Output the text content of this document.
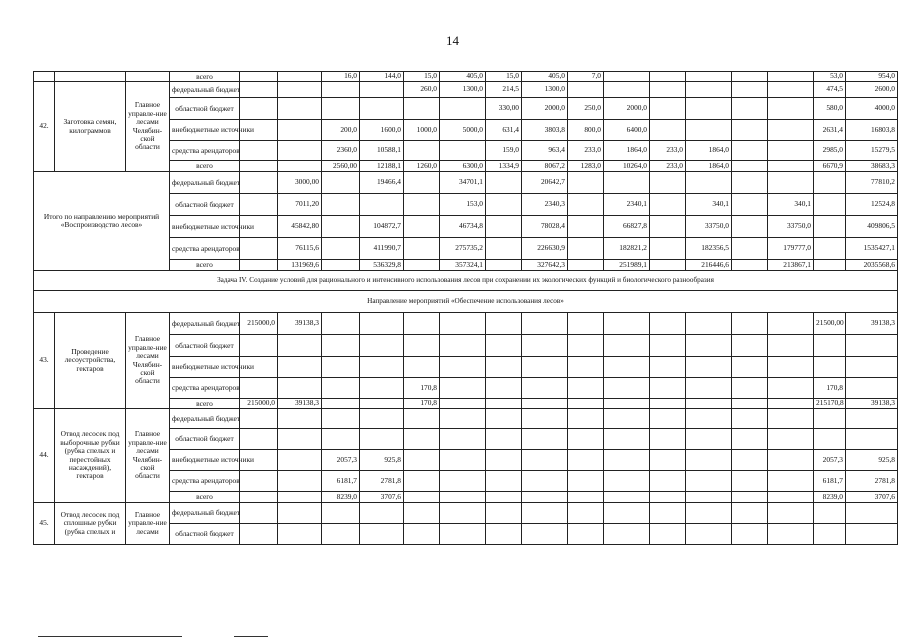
14
			всего			16,0	144,0	15,0	405,0	15,0	405,0	7,0						53,0	954,0
42.	Заготовка семян, килограммов	Главное управле-ние лесами Челябин-ской области	федеральный бюджет					260,0	1300,0	214,5	1300,0							474,5	2600,0
			областной бюджет							330,00	2000,0	250,0	2000,0					580,0	4000,0
			внебюджетные источники			200,0	1600,0	1000,0	5000,0	631,4	3803,8	800,0	6400,0					2631,4	16803,8
			средства арендаторов			2360,0	10588,1			159,0	963,4	233,0	1864,0	233,0	1864,0			2985,0	15279,5
			всего			2560,00	12188,1	1260,0	6300,0	1334,9	8067,2	1283,0	10264,0	233,0	1864,0			6670,9	38683,3
Итого по направлению мероприятий «Воспроизводство лесов»			федеральный бюджет		3000,00		19466,4		34701,1		20642,7								77810,2
			областной бюджет		7011,20				153,0		2340,3		2340,1		340,1		340,1		12524,8
			внебюджетные источники		45842,80		104872,7		46734,8		78028,4		66827,8		33750,0		33750,0		409806,5
			средства арендаторов		76115,6		411990,7		275735,2		226630,9		182821,2		182356,5		179777,0		1535427,1
			всего		131969,6		536329,8		357324,1		327642,3		251989,1		216446,6		213867,1		2035568,6
Задача IV. Создание условий для рационального и интенсивного использования лесов при сохранении их экологических функций и биологического разнообразия																			
Направление мероприятий «Обеспечение использования лесов»																			
43.	Проведение лесоустройства, гектаров	Главное управле-ние лесами Челябин-ской области	федеральный бюджет	215000,0	39138,3													21500,00	39138,3
			областной бюджет																
			внебюджетные источники																
			средства арендаторов					170,8										170,8	
			всего	215000,0	39138,3			170,8										215170,8	39138,3
44.	Отвод лесосек под выборочные рубки (рубка спелых и перестойных насаждений), гектаров	Главное управле-ние лесами Челябин-ской области	федеральный бюджет																
			областной бюджет																
			внебюджетные источники			2057,3	925,8											2057,3	925,8
			средства арендаторов			6181,7	2781,8											6181,7	2781,8
			всего			8239,0	3707,6											8239,0	3707,6
45.	Отвод лесосек под сплошные рубки (рубка спелых и	Главное управле-ние лесами	федеральный бюджет																
			областной бюджет																
